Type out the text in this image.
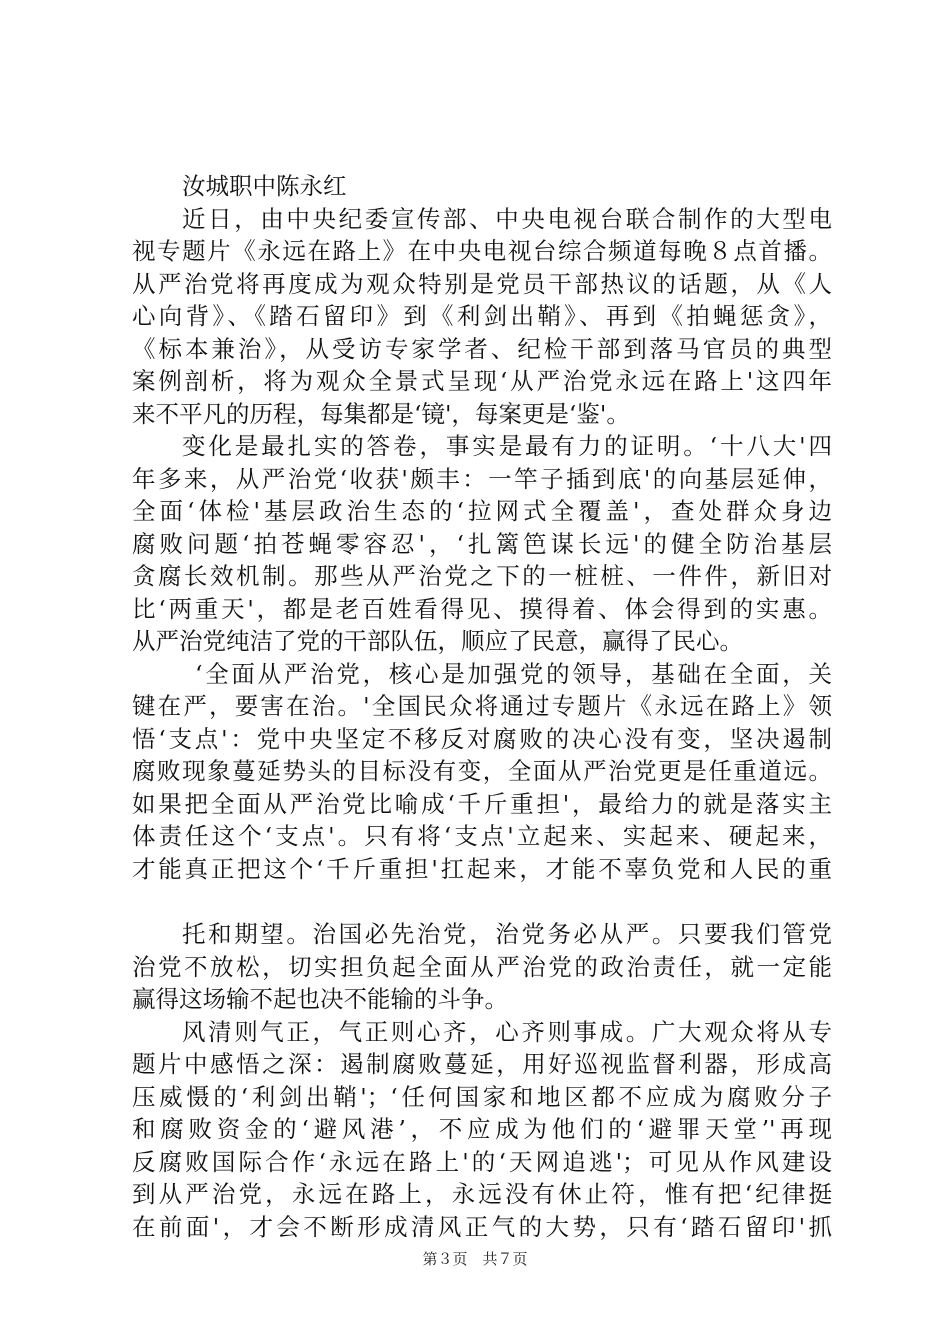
汝城职中陈永红
近日，由中央纪委宣传部、中央电视台联合制作的大型电
视专题片《永远在路上》在中央电视台综合频道每晚８点首播。
从严治党将再度成为观众特别是党员干部热议的话题，从《人
心向背》、《踏石留印》到《利剑出鞘》、再到《拍蝇惩贪》，
《标本兼治》，从受访专家学者、纪检干部到落马官员的典型
案例剖析，将为观众全景式呈现‘从严治党永远在路上'这四年
来不平凡的历程，每集都是‘镜'，每案更是‘鉴'。
变化是最扎实的答卷，事实是最有力的证明。‘十八大'四
年多来，从严治党‘收获'颇丰：一竿子插到底'的向基层延伸，
全面‘体检'基层政治生态的‘拉网式全覆盖'，查处群众身边
腐败问题‘拍苍蝇零容忍'，‘扎篱笆谋长远'的健全防治基层
贪腐长效机制。那些从严治党之下的一桩桩、一件件，新旧对
比‘两重天'，都是老百姓看得见、摸得着、体会得到的实惠。
从严治党纯洁了党的干部队伍，顺应了民意，赢得了民心。
‘全面从严治党，核心是加强党的领导，基础在全面，关
键在严，要害在治。'全国民众将通过专题片《永远在路上》领
悟‘支点'：党中央坚定不移反对腐败的决心没有变，坚决遏制
腐败现象蔓延势头的目标没有变，全面从严治党更是任重道远。
如果把全面从严治党比喻成‘千斤重担'，最给力的就是落实主
体责任这个‘支点'。只有将‘支点'立起来、实起来、硬起来，
才能真正把这个‘千斤重担'扛起来，才能不辜负党和人民的重
托和期望。治国必先治党，治党务必从严。只要我们管党
治党不放松，切实担负起全面从严治党的政治责任，就一定能
赢得这场输不起也决不能输的斗争。
风清则气正，气正则心齐，心齐则事成。广大观众将从专
题片中感悟之深：遏制腐败蔓延，用好巡视监督利器，形成高
压威慑的‘利剑出鞘'；‘任何国家和地区都不应成为腐败分子
和腐败资金的‘避风港’，不应成为他们的‘避罪天堂’'再现
反腐败国际合作‘永远在路上'的‘天网追逃'；可见从作风建设
到从严治党，永远在路上，永远没有休止符，惟有把‘纪律挺
在前面'，才会不断形成清风正气的大势，只有‘踏石留印'抓
第３页　共７页
